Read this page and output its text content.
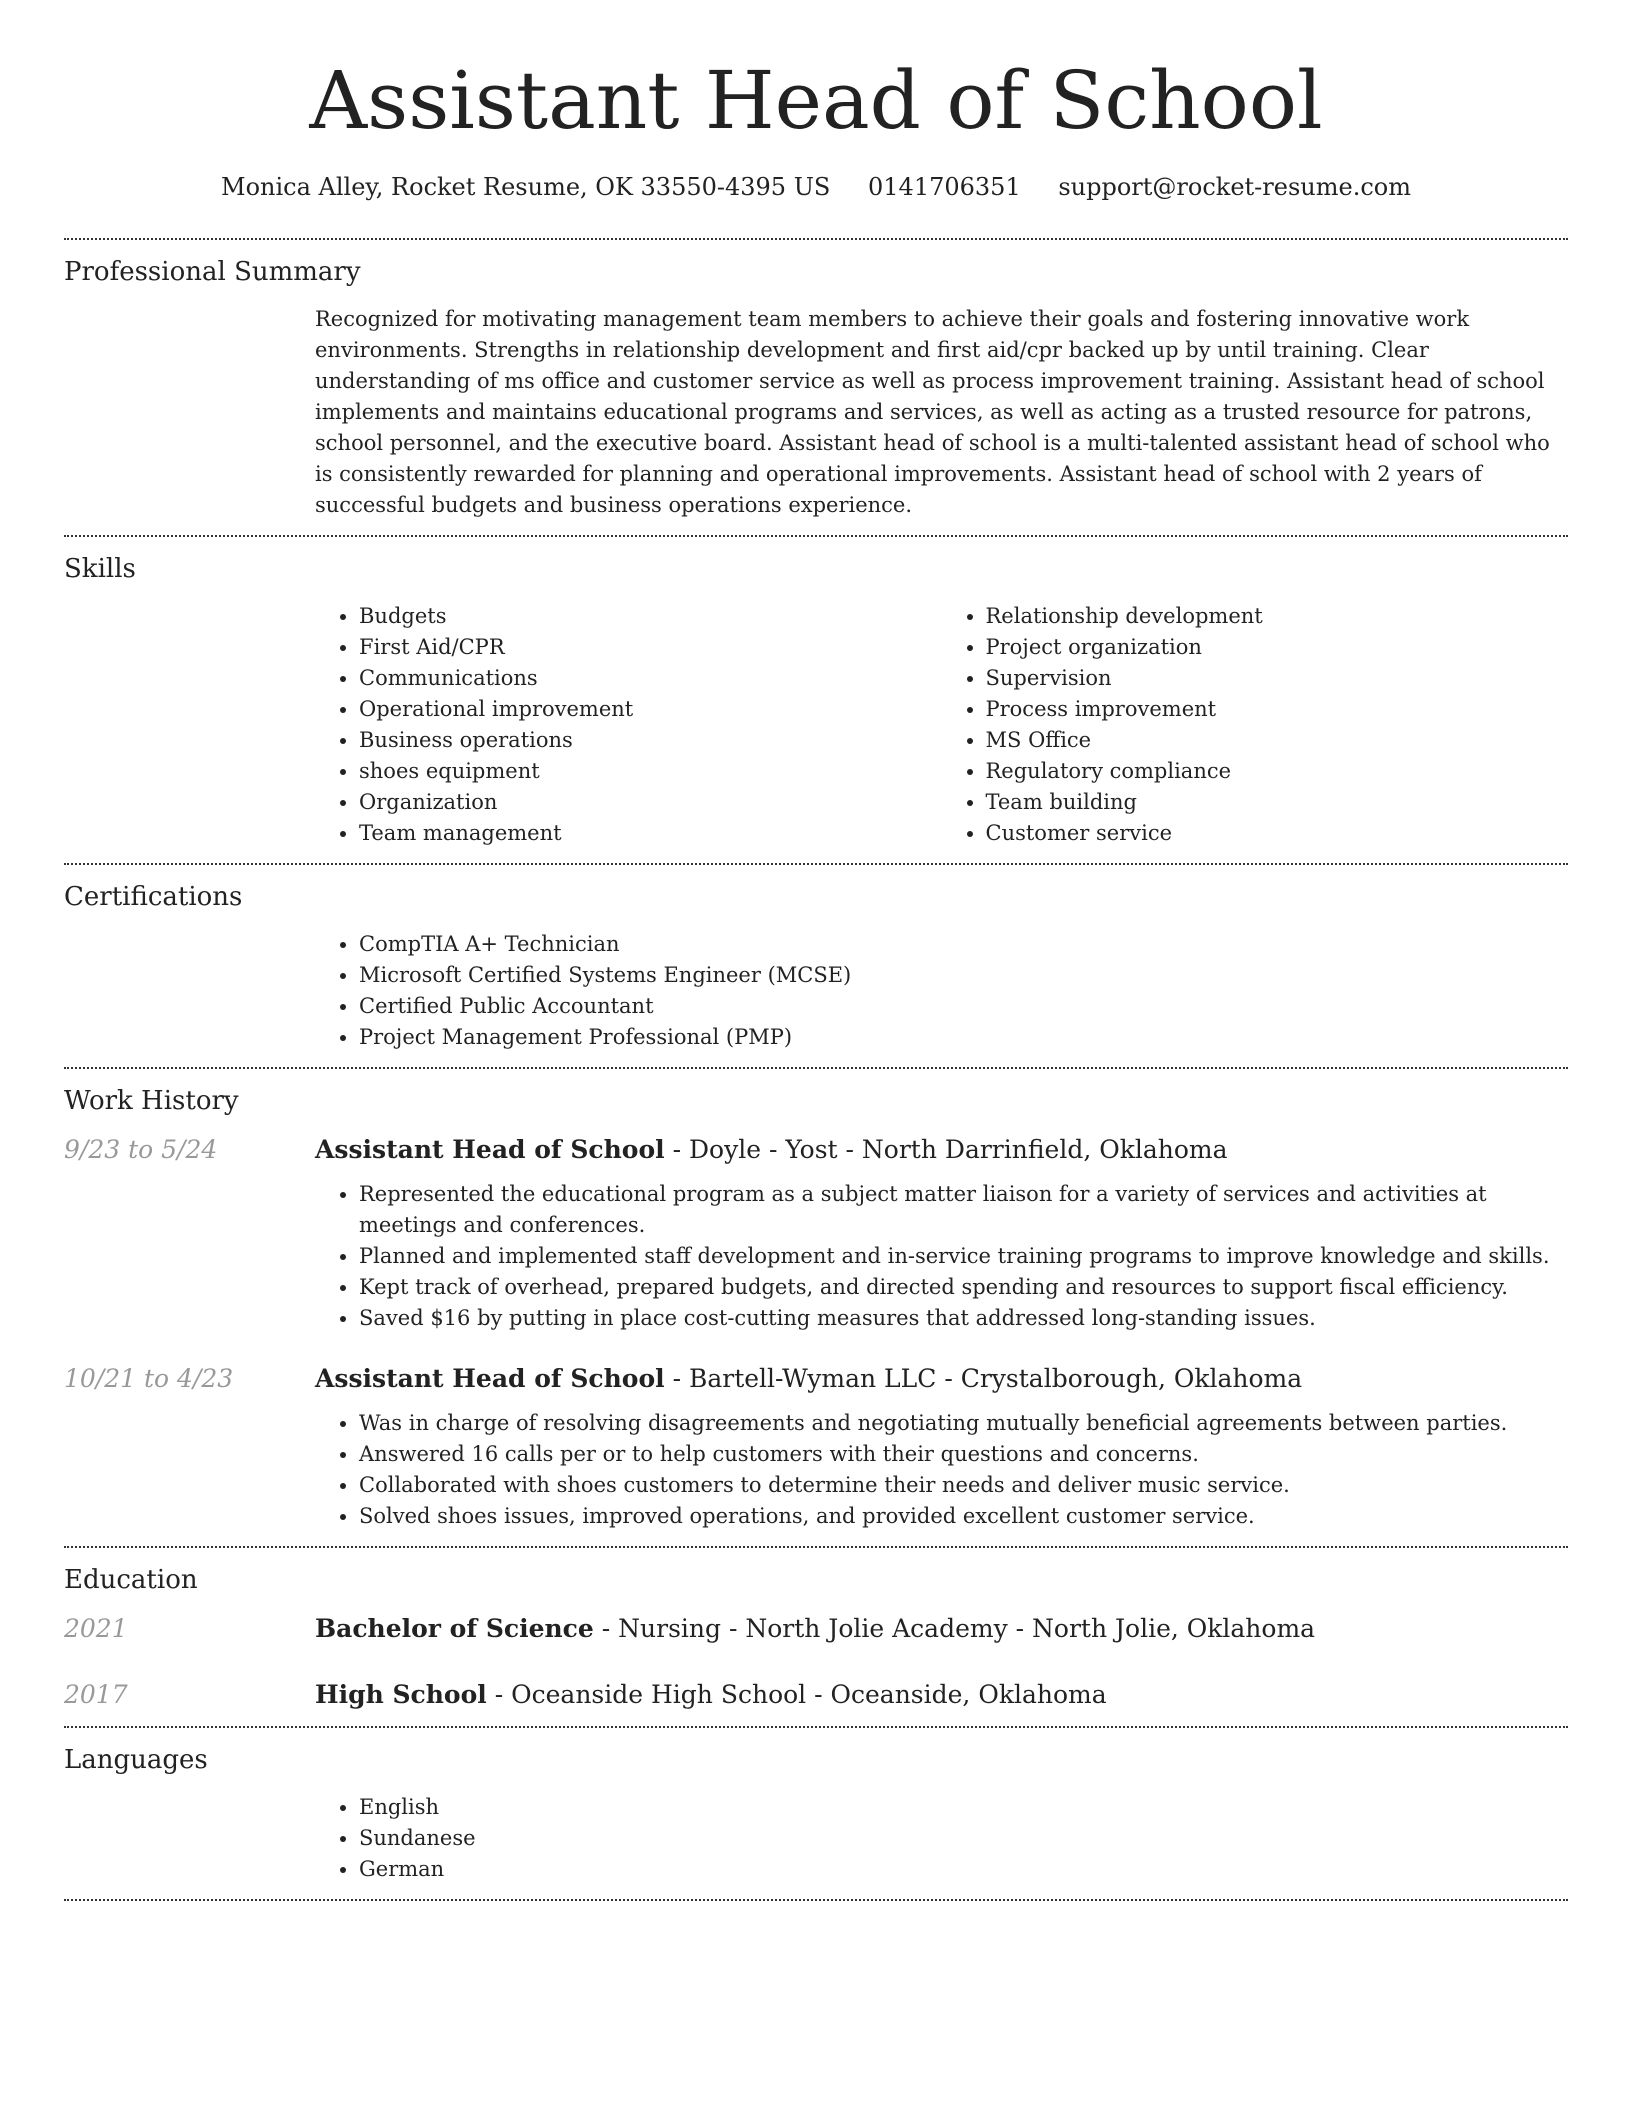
Assistant Head of School
Monica Alley, Rocket Resume, OK 33550-4395 US 0141706351 support@rocket-resume.com
Professional Summary

Recognized for motivating management team members to achieve their goals and fostering innovative work environments. Strengths in relationship development and first aid/cpr backed up by until training. Clear understanding of ms office and customer service as well as process improvement training. Assistant head of school implements and maintains educational programs and services, as well as acting as a trusted resource for patrons, school personnel, and the executive board. Assistant head of school is a multi-talented assistant head of school who is consistently rewarded for planning and operational improvements. Assistant head of school with 2 years of successful budgets and business operations experience.

Skills
• Budgets
• First Aid/CPR
• Communications
• Operational improvement
• Business operations
• shoes equipment
• Organization
• Team management
• Relationship development
• Project organization
• Supervision
• Process improvement
• MS Office
• Regulatory compliance
• Team building
• Customer service
Certifications
• CompTIA A+ Technician
• Microsoft Certified Systems Engineer (MCSE)
• Certified Public Accountant
• Project Management Professional (PMP)
Work History
9/23 to 5/24	Assistant Head of School - Doyle - Yost - North Darrinfield, Oklahoma
• Represented the educational program as a subject matter liaison for a variety of services and activities at meetings and conferences.
• Planned and implemented staff development and in-service training programs to improve knowledge and skills.
• Kept track of overhead, prepared budgets, and directed spending and resources to support fiscal efficiency.
• Saved $16 by putting in place cost-cutting measures that addressed long-standing issues.
10/21 to 4/23	Assistant Head of School - Bartell-Wyman LLC - Crystalborough, Oklahoma
• Was in charge of resolving disagreements and negotiating mutually beneficial agreements between parties.
• Answered 16 calls per or to help customers with their questions and concerns.
• Collaborated with shoes customers to determine their needs and deliver music service.
• Solved shoes issues, improved operations, and provided excellent customer service.
Education
2021	Bachelor of Science - Nursing - North Jolie Academy - North Jolie, Oklahoma
2017	High School - Oceanside High School - Oceanside, Oklahoma
Languages
• English
• Sundanese
• German
